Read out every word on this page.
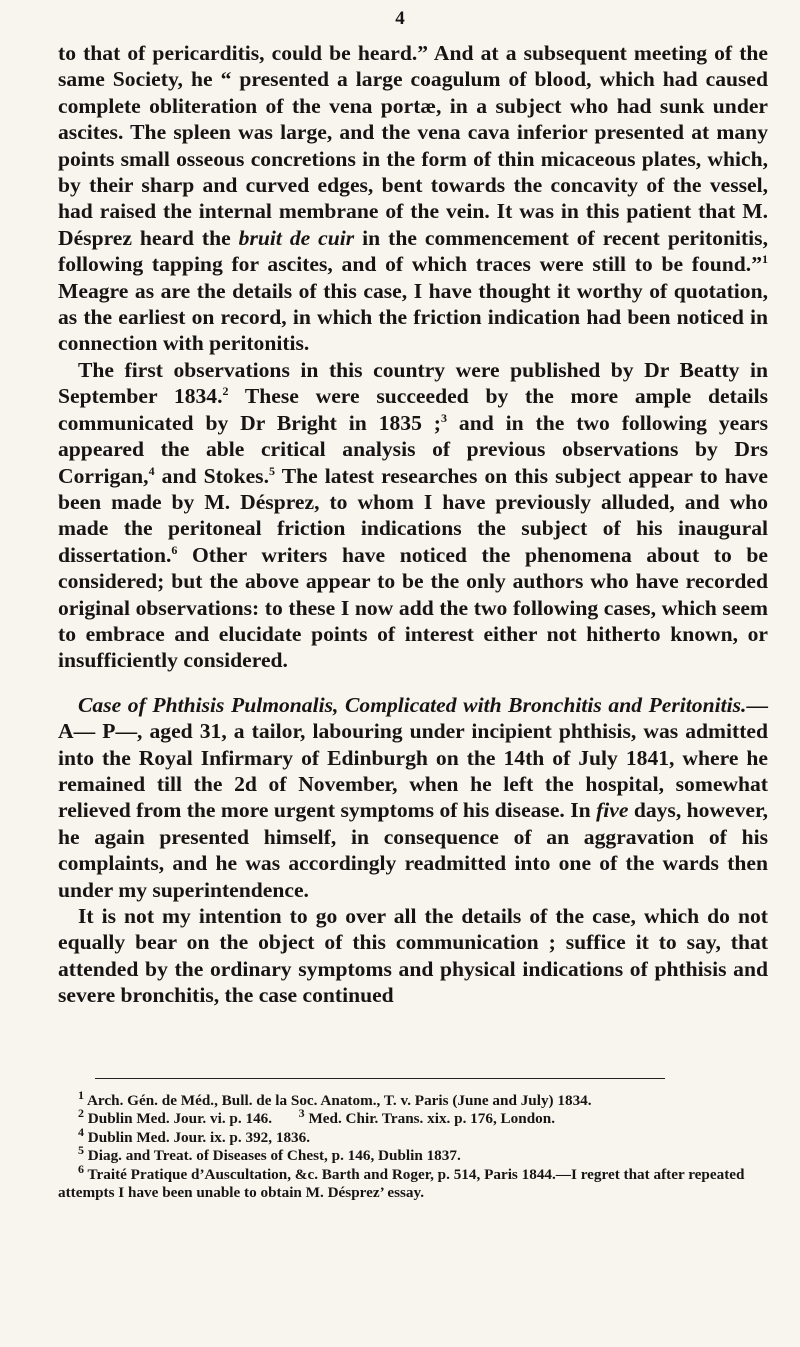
4

to that of pericarditis, could be heard.” And at a subsequent meeting of the same Society, he “ presented a large coagulum of blood, which had caused complete obliteration of the vena portæ, in a subject who had sunk under ascites. The spleen was large, and the vena cava inferior presented at many points small osseous concretions in the form of thin micaceous plates, which, by their sharp and curved edges, bent towards the concavity of the vessel, had raised the internal membrane of the vein. It was in this patient that M. Désprez heard the bruit de cuir in the commencement of recent peritonitis, following tapping for ascites, and of which traces were still to be found.”$^1$ Meagre as are the details of this case, I have thought it worthy of quotation, as the earliest on record, in which the friction indication had been noticed in connection with peritonitis.

The first observations in this country were published by Dr Beatty in September 1834.$^2$ These were succeeded by the more ample details communicated by Dr Bright in 1835 ;$^3$ and in the two following years appeared the able critical analysis of previous observations by Drs Corrigan,$^4$ and Stokes.$^5$ The latest researches on this subject appear to have been made by M. Désprez, to whom I have previously alluded, and who made the peritoneal friction indications the subject of his inaugural dissertation.$^6$ Other writers have noticed the phenomena about to be considered; but the above appear to be the only authors who have recorded original observations: to these I now add the two following cases, which seem to embrace and elucidate points of interest either not hitherto known, or insufficiently considered.

Case of Phthisis Pulmonalis, Complicated with Bronchitis and Peritonitis.—A— P—, aged 31, a tailor, labouring under incipient phthisis, was admitted into the Royal Infirmary of Edinburgh on the 14th of July 1841, where he remained till the 2d of November, when he left the hospital, somewhat relieved from the more urgent symptoms of his disease. In five days, however, he again presented himself, in consequence of an aggravation of his complaints, and he was accordingly readmitted into one of the wards then under my superintendence.

It is not my intention to go over all the details of the case, which do not equally bear on the object of this communication ; suffice it to say, that attended by the ordinary symptoms and physical indications of phthisis and severe bronchitis, the case continued

$^1$ Arch. Gén. de Méd., Bull. de la Soc. Anatom., T. v. Paris (June and July) 1834.

$^2$ Dublin Med. Jour. vi. p. 146. $^3$ Med. Chir. Trans. xix. p. 176, London.

$^4$ Dublin Med. Jour. ix. p. 392, 1836.

$^5$ Diag. and Treat. of Diseases of Chest, p. 146, Dublin 1837.

$^6$ Traité Pratique d’Auscultation, &c. Barth and Roger, p. 514, Paris 1844.—I regret that after repeated attempts I have been unable to obtain M. Désprez’ essay.
